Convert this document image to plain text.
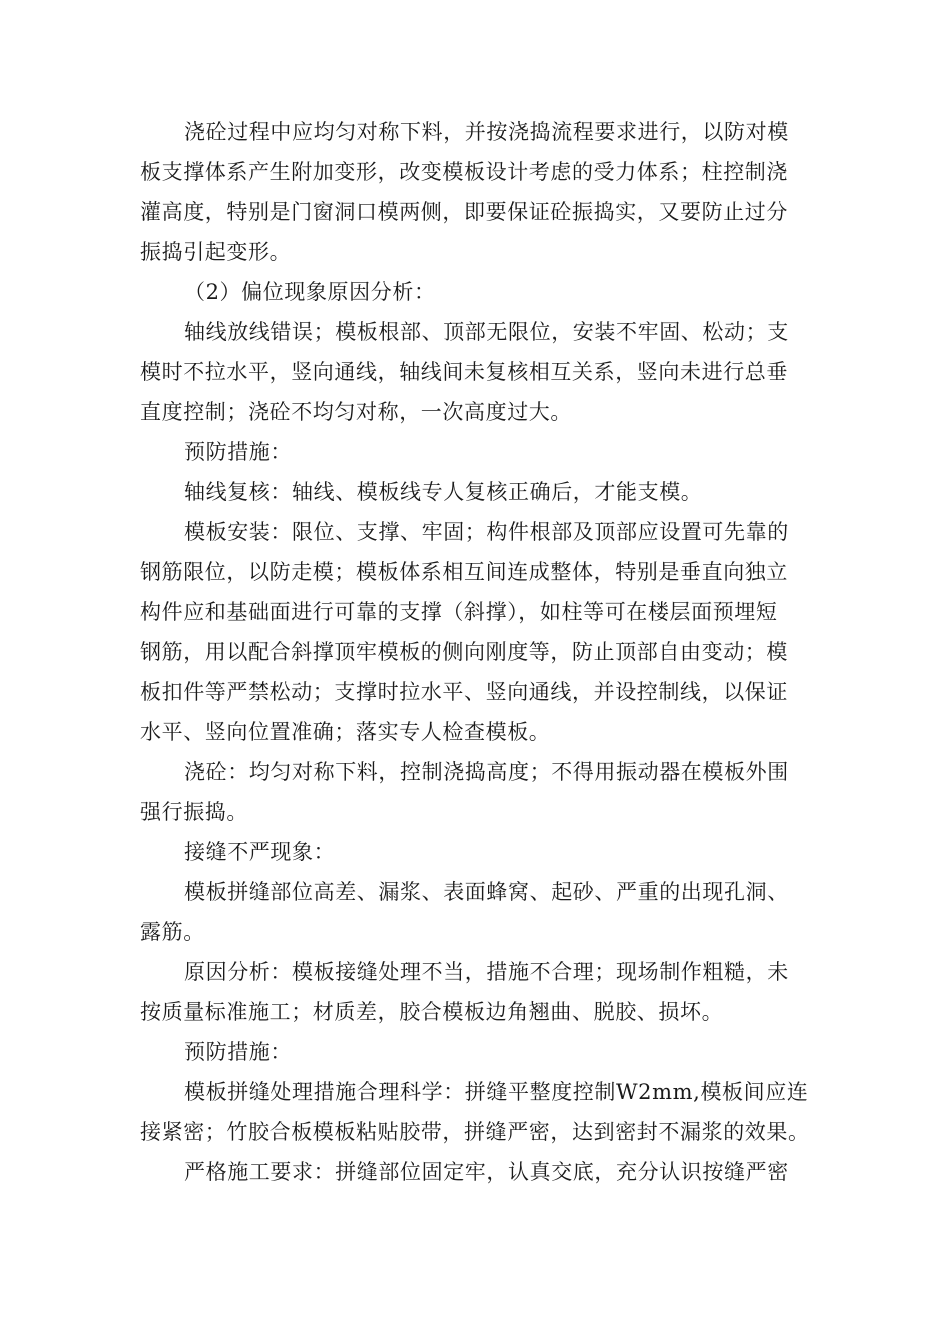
浇砼过程中应均匀对称下料，并按浇捣流程要求进行，以防对模
板支撑体系产生附加变形，改变模板设计考虑的受力体系；柱控制浇
灌高度，特别是门窗洞口模两侧，即要保证砼振捣实，又要防止过分
振捣引起变形。
（2）偏位现象原因分析：
轴线放线错误；模板根部、顶部无限位，安装不牢固、松动；支
模时不拉水平，竖向通线，轴线间未复核相互关系，竖向未进行总垂
直度控制；浇砼不均匀对称，一次高度过大。
预防措施：
轴线复核：轴线、模板线专人复核正确后，才能支模。
模板安装：限位、支撑、牢固；构件根部及顶部应设置可先靠的
钢筋限位，以防走模；模板体系相互间连成整体，特别是垂直向独立
构件应和基础面进行可靠的支撑（斜撑），如柱等可在楼层面预埋短
钢筋，用以配合斜撑顶牢模板的侧向刚度等，防止顶部自由变动；模
板扣件等严禁松动；支撑时拉水平、竖向通线，并设控制线，以保证
水平、竖向位置准确；落实专人检查模板。
浇砼：均匀对称下料，控制浇捣高度；不得用振动器在模板外围
强行振捣。
接缝不严现象：
模板拼缝部位高差、漏浆、表面蜂窝、起砂、严重的出现孔洞、
露筋。
原因分析：模板接缝处理不当，措施不合理；现场制作粗糙，未
按质量标准施工；材质差，胶合模板边角翘曲、脱胶、损坏。
预防措施：
模板拼缝处理措施合理科学：拼缝平整度控制W2mm,模板间应连
接紧密；竹胶合板模板粘贴胶带，拼缝严密，达到密封不漏浆的效果。
严格施工要求：拼缝部位固定牢，认真交底，充分认识按缝严密
